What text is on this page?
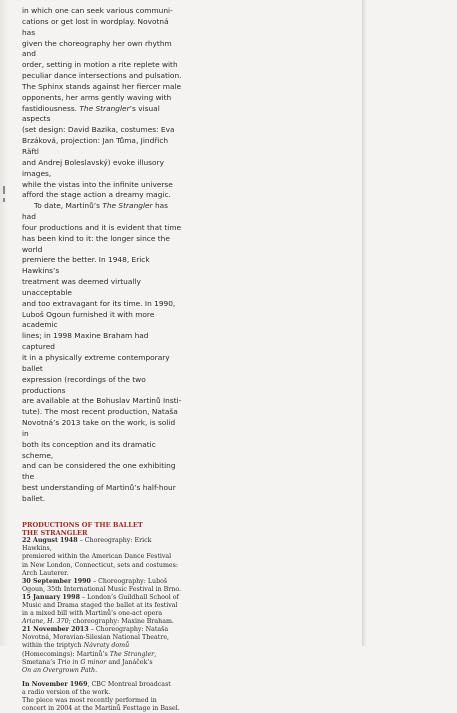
in which one can seek various communi-
cations or get lost in wordplay. Novotná has
given the choreography her own rhythm and
order, setting in motion a rite replete with
peculiar dance intersections and pulsation.
The Sphinx stands against her fiercer male
opponents, her arms gently waving with
fastidiousness. The Strangler’s visual aspects
(set design: David Bazika, costumes: Eva
Brzáková, projection: Jan Tůma, Jindřich Räftl
and Andrej Boleslavský) evoke illusory images,
while the vistas into the infinite universe
afford the stage action a dreamy magic.

To date, Martinů’s The Strangler has had
four productions and it is evident that time
has been kind to it: the longer since the world
premiere the better. In 1948, Erick Hawkins’s
treatment was deemed virtually unacceptable
and too extravagant for its time. In 1990,
Luboš Ogoun furnished it with more academic
lines; in 1998 Maxine Braham had captured
it in a physically extreme contemporary ballet
expression (recordings of the two productions
are available at the Bohuslav Martinů Insti-
tute). The most recent production, Nataša
Novotná’s 2013 take on the work, is solid in
both its conception and its dramatic scheme,
and can be considered the one exhibiting the
best understanding of Martinů’s half-hour
ballet.

PRODUCTIONS OF THE BALLET
THE STRANGLER

22 August 1948 – Choreography: Erick Hawkins,
premiered within the American Dance Festival
in New London, Connecticut, sets and costumes:
Arch Lauterer.

30 September 1990 – Choreography: Luboš
Ogoun, 35th International Music Festival in Brno.

15 January 1998 – London’s Guildhall School of
Music and Drama staged the ballet at its festival
in a mixed bill with Martinů’s one-act opera
Ariane, H. 370; choreography: Maxine Braham.

21 November 2013 – Choreography: Nataša
Novotná, Moravian-Silesian National Theatre,
within the triptych Návraty domů
(Homecomings): Martinů’s The Strangler,
Smetana’s Trio in G minor and Janáček’s
On an Overgrown Path.

In November 1969, CBC Montreal broadcast
a radio version of the work.
The piece was most recently performed in
concert in 2004 at the Martinů Festtage in Basel.
